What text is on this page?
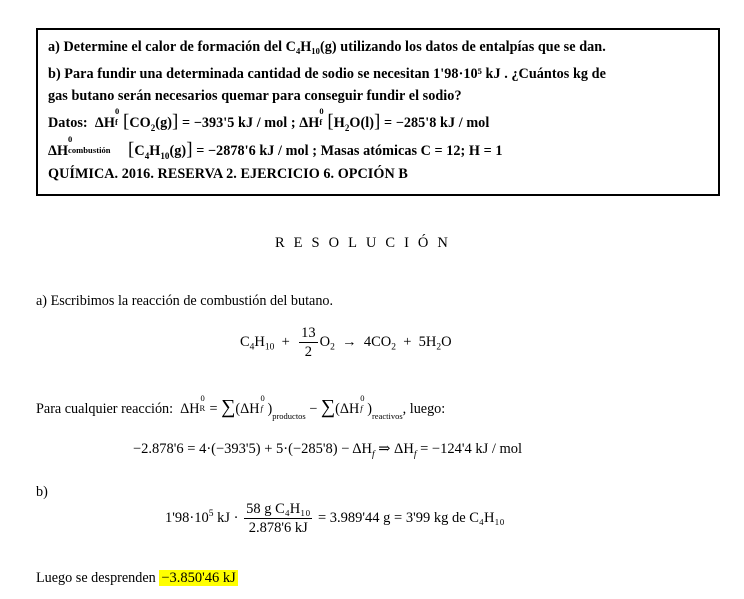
a) Determine el calor de formación del C₄H₁₀(g) utilizando los datos de entalpías que se dan.
b) Para fundir una determinada cantidad de sodio se necesitan 1'98·10⁵ kJ . ¿Cuántos kg de
gas butano serán necesarios quemar para conseguir fundir el sodio?
Datos:  ΔH
0
f $[CO_2(g)] = -393'5$ kJ / mol ; ΔH
0
f $[H_2O(l)] = -285'8$ kJ / mol
ΔH
0
combustión $[C_4H_{10}(g)] = -2878'6$ kJ / mol ; Masas atómicas C = 12; H = 1
QUÍMICA. 2016. RESERVA 2. EJERCICIO 6. OPCIÓN B
RESOLUCIÓN
a) Escribimos la reacción de combustión del butano.
$C_4H_{10} + \frac{13}{2} O_2 \to 4CO_2 + 5H_2O$
Para cualquier reacción:  ΔH
0
R = ∑(ΔH
0
f )$_{productos} - \sum(\Delta H$
0
f )$_{reactivos}$, luego:
$-2.878'6 = 4\cdot(-393'5) + 5\cdot(-285'8) - \Delta H_f$ ⇒ $\Delta H_f = -124'4$ kJ / mol
b)
$1'98\cdot 10^5$ kJ · $\frac{\text{58 g C₄H₁₀}}{2.878'6 kJ} = 3.989'44$ g = 3'99 kg de C₄H₁₀
Luego se desprenden −3.850'46 kJ
